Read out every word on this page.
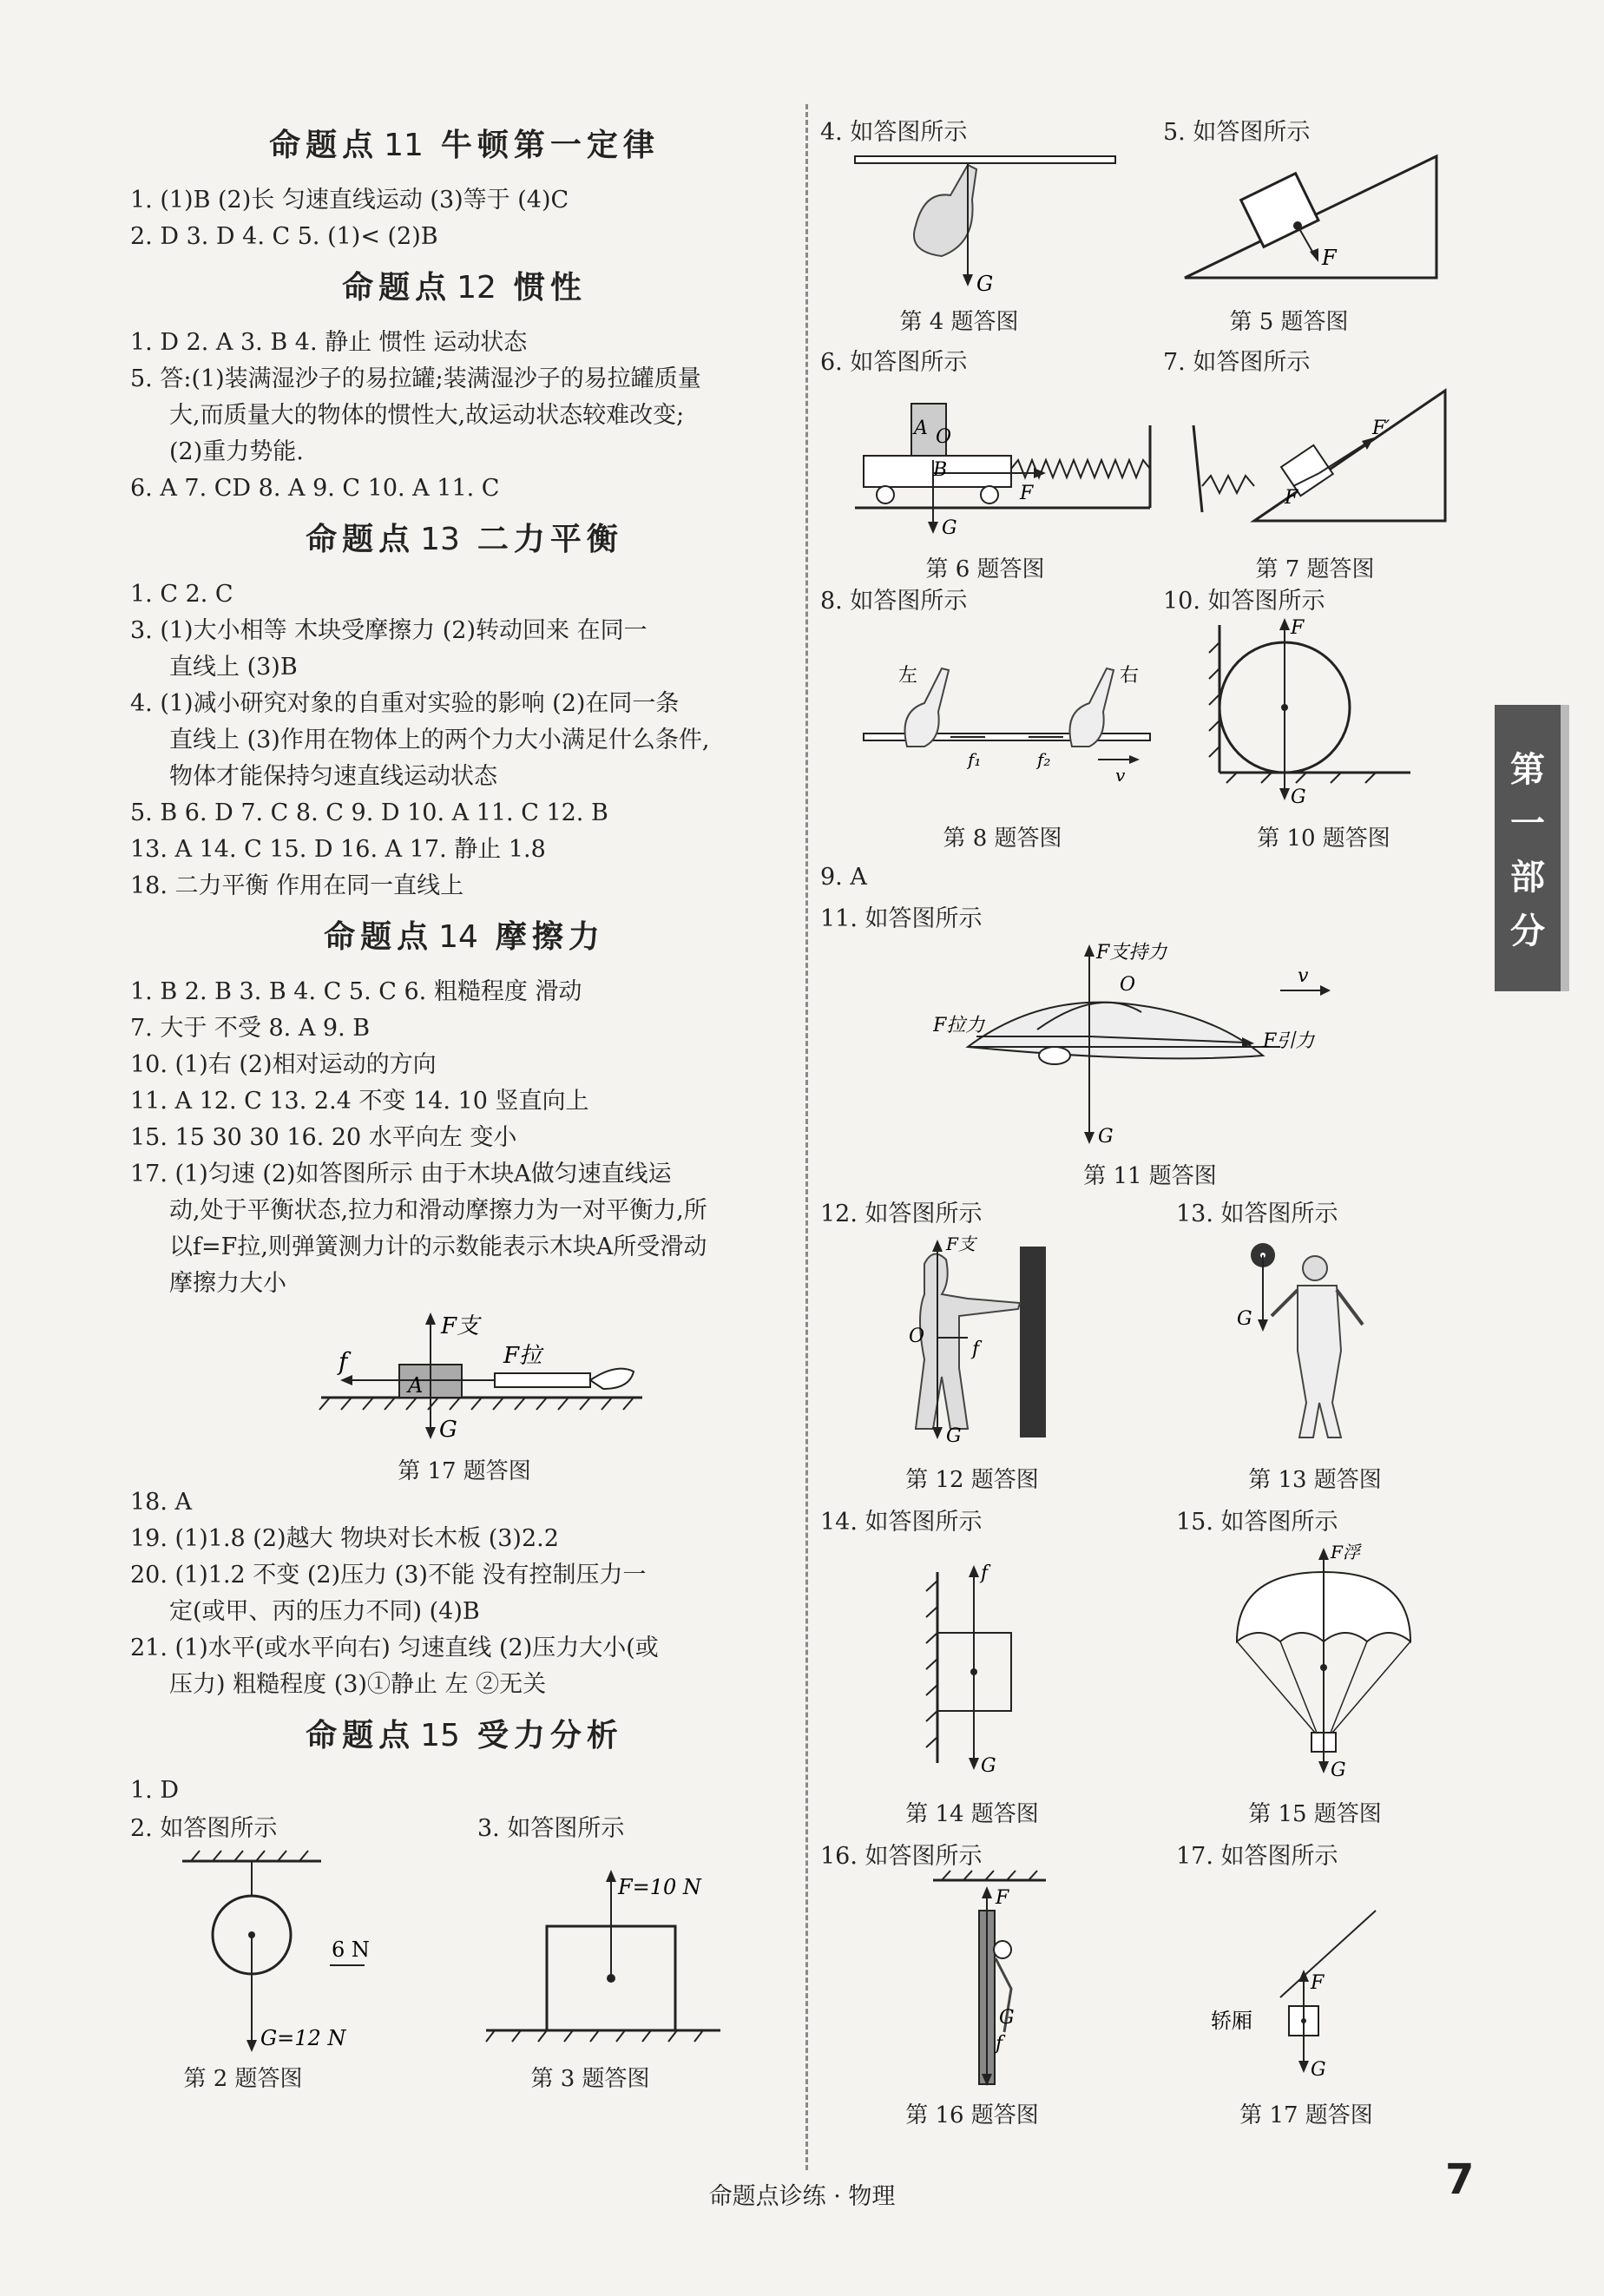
命题点 11 牛顿第一定律
1. (1)B (2)长 匀速直线运动 (3)等于 (4)C
2. D 3. D 4. C 5. (1)< (2)B
命题点 12 惯性
1. D 2. A 3. B 4. 静止 惯性 运动状态
5. 答:(1)装满湿沙子的易拉罐;装满湿沙子的易拉罐质量
大,而质量大的物体的惯性大,故运动状态较难改变;
(2)重力势能.
6. A 7. CD 8. A 9. C 10. A 11. C
命题点 13 二力平衡
1. C 2. C
3. (1)大小相等 木块受摩擦力 (2)转动回来 在同一
直线上 (3)B
4. (1)减小研究对象的自重对实验的影响 (2)在同一条
直线上 (3)作用在物体上的两个力大小满足什么条件,
物体才能保持匀速直线运动状态
5. B 6. D 7. C 8. C 9. D 10. A 11. C 12. B
13. A 14. C 15. D 16. A 17. 静止 1.8
18. 二力平衡 作用在同一直线上
命题点 14 摩擦力
1. B 2. B 3. B 4. C 5. C 6. 粗糙程度 滑动
7. 大于 不受 8. A 9. B
10. (1)右 (2)相对运动的方向
11. A 12. C 13. 2.4 不变 14. 10 竖直向上
15. 15 30 30 16. 20 水平向左 变小
17. (1)匀速 (2)如答图所示 由于木块A做匀速直线运
动,处于平衡状态,拉力和滑动摩擦力为一对平衡力,所
以f=F拉,则弹簧测力计的示数能表示木块A所受滑动
摩擦力大小
f
F支
F拉
A
G
第 17 题答图
18. A
19. (1)1.8 (2)越大 物块对长木板 (3)2.2
20. (1)1.2 不变 (2)压力 (3)不能 没有控制压力一
定(或甲、丙的压力不同) (4)B
21. (1)水平(或水平向右) 匀速直线 (2)压力大小(或
压力) 粗糙程度 (3)①静止 左 ②无关
命题点 15 受力分析
1. D
2. 如答图所示	3. 如答图所示
6 N
G=12 N
F=10 N
第 2 题答图	第 3 题答图
4. 如答图所示	5. 如答图所示
G
F
第 4 题答图	第 5 题答图
6. 如答图所示	7. 如答图所示
A O
B
F
G
F′
F
第 6 题答图	第 7 题答图
8. 如答图所示	10. 如答图所示
左	右
f₁	f₂
v
F
G
第 8 题答图	第 10 题答图
9. A
11. 如答图所示
F支持力
O	v
F拉力
F引力
G
第 11 题答图
12. 如答图所示	13. 如答图所示
F支
O
f
G
G
第 12 题答图	第 13 题答图
14. 如答图所示	15. 如答图所示
f
G
F浮
G
第 14 题答图	第 15 题答图
16. 如答图所示	17. 如答图所示
F
G
f
F
轿厢
G
第 16 题答图	第 17 题答图
第
一
部
分
命题点诊练 · 物理	7
